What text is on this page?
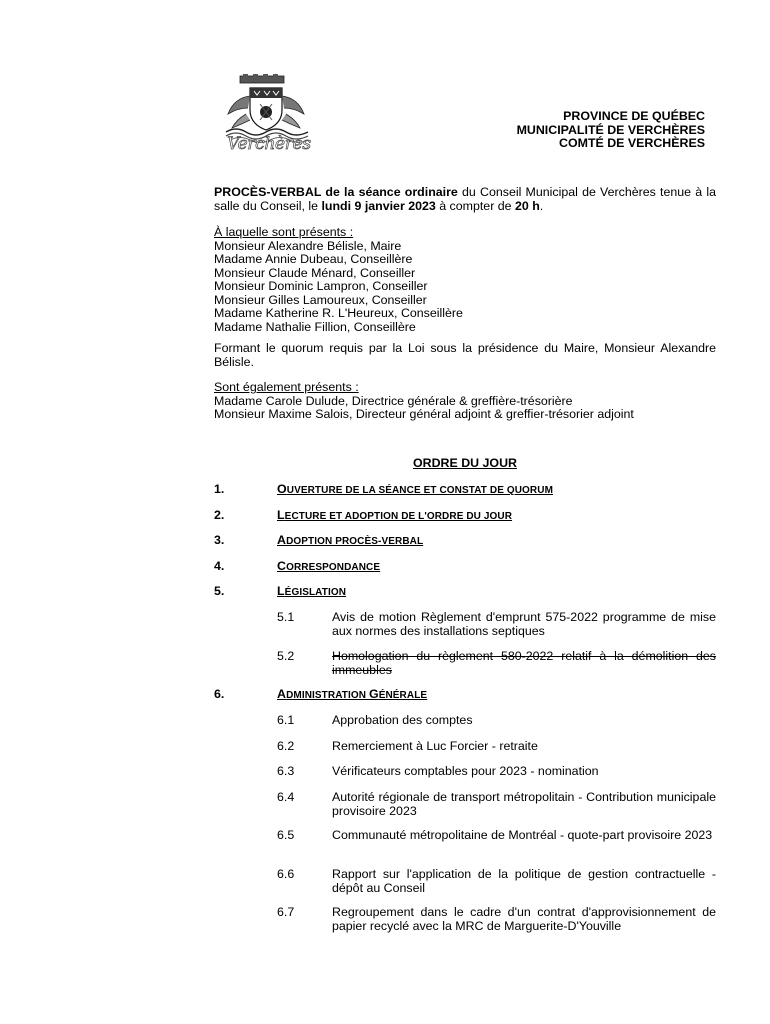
Verchères
PROVINCE DE QUÉBEC
MUNICIPALITÉ DE VERCHÈRES
COMTÉ DE VERCHÈRES
PROCÈS-VERBAL de la séance ordinaire du Conseil Municipal de Verchères tenue à la salle du Conseil, le lundi 9 janvier 2023 à compter de 20 h.
À laquelle sont présents :
Monsieur Alexandre Bélisle, Maire
Madame Annie Dubeau, Conseillère
Monsieur Claude Ménard, Conseiller
Monsieur Dominic Lampron, Conseiller
Monsieur Gilles Lamoureux, Conseiller
Madame Katherine R. L'Heureux, Conseillère
Madame Nathalie Fillion, Conseillère
Formant le quorum requis par la Loi sous la présidence du Maire, Monsieur Alexandre Bélisle.
Sont également présents :
Madame Carole Dulude, Directrice générale & greffière-trésorière
Monsieur Maxime Salois, Directeur général adjoint & greffier-trésorier adjoint
ORDRE DU JOUR
1.	OUVERTURE DE LA SÉANCE ET CONSTAT DE QUORUM
2.	LECTURE ET ADOPTION DE L'ORDRE DU JOUR
3.	ADOPTION PROCÈS-VERBAL
4.	CORRESPONDANCE
5.	LÉGISLATION
5.1	Avis de motion Règlement d'emprunt 575-2022 programme de mise aux normes des installations septiques
5.2	Homologation du règlement 580-2022 relatif à la démolition des immeubles
6.	ADMINISTRATION GÉNÉRALE
6.1	Approbation des comptes
6.2	Remerciement à Luc Forcier - retraite
6.3	Vérificateurs comptables pour 2023 - nomination
6.4	Autorité régionale de transport métropolitain - Contribution municipale provisoire 2023
6.5	Communauté métropolitaine de Montréal - quote-part provisoire 2023
6.6	Rapport sur l'application de la politique de gestion contractuelle - dépôt au Conseil
6.7	Regroupement dans le cadre d'un contrat d'approvisionnement de papier recyclé avec la MRC de Marguerite-D'Youville
